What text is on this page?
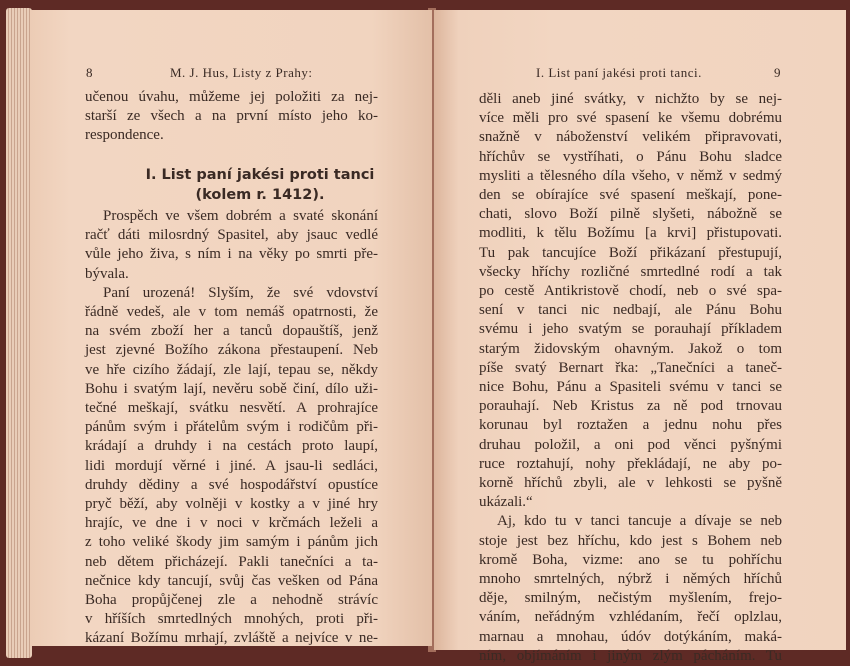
8	M. J. Hus, Listy z Prahy:
učenou úvahu, můžeme jej položiti za nej-
starší ze všech a na první místo jeho ko-
respondence.
I. List paní jakési proti tanci
(kolem r. 1412).
Prospěch ve všem dobrém a svaté skonání
račť dáti milosrdný Spasitel, aby jsauc vedlé
vůle jeho živa, s ním i na věky po smrti pře-
bývala.
Paní urozená! Slyším, že své vdovství
řádně vedeš, ale v tom nemáš opatrnosti, že
na svém zboží her a tanců dopauštíš, jenž
jest zjevné Božího zákona přestaupení. Neb
ve hře cizího žádají, zle lají, tepau se, někdy
Bohu i svatým lají, nevěru sobě činí, dílo uži-
tečné meškají, svátku nesvětí. A prohrajíce
pánům svým i přátelům svým i rodičům při-
krádají a druhdy i na cestách proto laupí,
lidi mordují věrné i jiné. A jsau-li sedláci,
druhdy dědiny a své hospodářství opustíce
pryč běží, aby volněji v kostky a v jiné hry
hrajíc, ve dne i v noci v krčmách leželi a
z toho veliké škody jim samým i pánům jich
neb dětem přicházejí. Pakli tanečníci a ta-
nečnice kdy tancují, svůj čas vešken od Pána
Boha propůjčenej zle a nehodně strávíc
v hříších smrtedlných mnohých, proti při-
kázaní Božímu mrhají, zvláště a nejvíce v ne-
I. List paní jakési proti tanci.	9
děli aneb jiné svátky, v nichžto by se nej-
více měli pro své spasení ke všemu dobrému
snažně v náboženství velikém připravovati,
hříchův se vystříhati, o Pánu Bohu sladce
mysliti a tělesného díla všeho, v němž v sedmý
den se obírajíce své spasení meškají, pone-
chati, slovo Boží pilně slyšeti, nábožně se
modliti, k tělu Božímu [a krvi] přistupovati.
Tu pak tancujíce Boží přikázaní přestupují,
všecky hříchy rozličné smrtedlné rodí a tak
po cestě Antikristově chodí, neb o své spa-
sení v tanci nic nedbají, ale Pánu Bohu
svému i jeho svatým se porauhají příkladem
starým židovským ohavným. Jakož o tom
píše svatý Bernart řka: „Tanečníci a taneč-
nice Bohu, Pánu a Spasiteli svému v tanci se
porauhají. Neb Kristus za ně pod trnovau
korunau byl roztažen a jednu nohu přes
druhau položil, a oni pod věnci pyšnými
ruce roztahují, nohy překládají, ne aby po-
korně hříchů zbyli, ale v lehkosti se pyšně
ukázali.“
Aj, kdo tu v tanci tancuje a dívaje se neb
stoje jest bez hříchu, kdo jest s Bohem neb
kromě Boha, vizme: ano se tu pohříchu
mnoho smrtelných, nýbrž i němých hříchů
děje, smilným, nečistým myšlením, frejo-
váním, neřádným vzhlédaním, řečí oplzlau,
marnau a mnohau, údóv dotýkáním, maká-
ním, objímáním i jiným zlým pácháním. Tu
